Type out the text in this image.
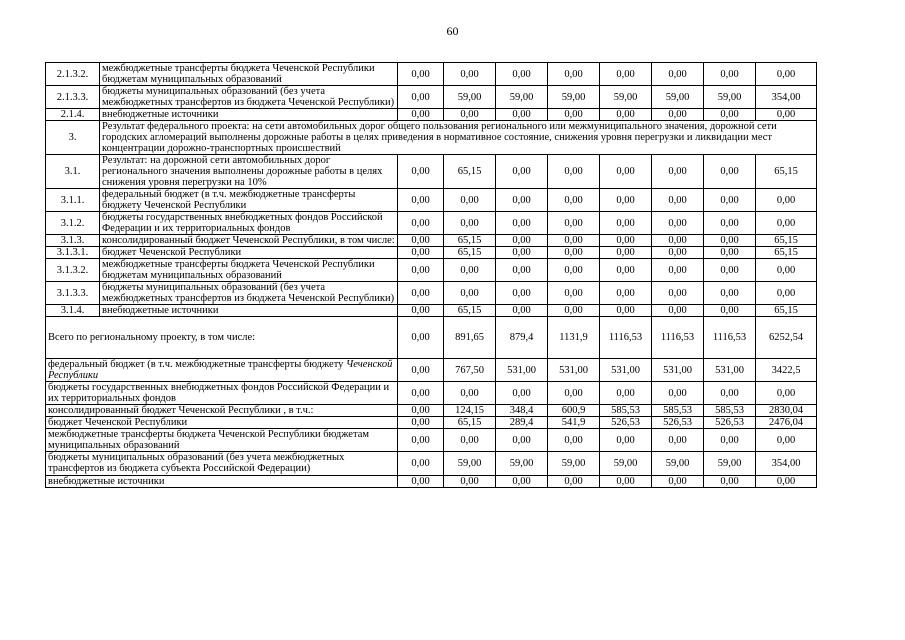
60
2.1.3.2.	межбюджетные трансферты бюджета Чеченской Республики бюджетам муниципальных образований	0,00	0,00	0,00	0,00	0,00	0,00	0,00	0,00
2.1.3.3.	бюджеты муниципальных образований (без учета межбюджетных трансфертов из бюджета Чеченской Республики)	0,00	59,00	59,00	59,00	59,00	59,00	59,00	354,00
2.1.4.	внебюджетные источники	0,00	0,00	0,00	0,00	0,00	0,00	0,00	0,00
3.	Результат федерального проекта: на сети автомобильных дорог общего пользования регионального или межмуниципального значения, дорожной сети городских агломераций выполнены дорожные работы в целях приведения в нормативное состояние, снижения уровня перегрузки и ликвидации мест концентрации дорожно-транспортных происшествий								
3.1.	Результат: на дорожной сети автомобильных дорог регионального значения выполнены дорожные работы в целях снижения уровня перегрузки на 10%	0,00	65,15	0,00	0,00	0,00	0,00	0,00	65,15
3.1.1.	федеральный бюджет (в т.ч. межбюджетные трансферты бюджету Чеченской Республики	0,00	0,00	0,00	0,00	0,00	0,00	0,00	0,00
3.1.2.	бюджеты государственных внебюджетных фондов Российской Федерации и их территориальных фондов	0,00	0,00	0,00	0,00	0,00	0,00	0,00	0,00
3.1.3.	консолидированный бюджет Чеченской Республики, в том числе:	0,00	65,15	0,00	0,00	0,00	0,00	0,00	65,15
3.1.3.1.	бюджет Чеченской Республики	0,00	65,15	0,00	0,00	0,00	0,00	0,00	65,15
3.1.3.2.	межбюджетные трансферты бюджета Чеченской Республики бюджетам муниципальных образований	0,00	0,00	0,00	0,00	0,00	0,00	0,00	0,00
3.1.3.3.	бюджеты муниципальных образований (без учета межбюджетных трансфертов из бюджета Чеченской Республики)	0,00	0,00	0,00	0,00	0,00	0,00	0,00	0,00
3.1.4.	внебюджетные источники	0,00	65,15	0,00	0,00	0,00	0,00	0,00	65,15
Всего по региональному проекту, в том числе:		0,00	891,65	879,4	1131,9	1116,53	1116,53	1116,53	6252,54
федеральный бюджет (в т.ч. межбюджетные трансферты бюджету Чеченской Республики		0,00	767,50	531,00	531,00	531,00	531,00	531,00	3422,5
бюджеты государственных внебюджетных фондов Российской Федерации и их территориальных фондов		0,00	0,00	0,00	0,00	0,00	0,00	0,00	0,00
консолидированный бюджет Чеченской Республики , в т.ч.:		0,00	124,15	348,4	600,9	585,53	585,53	585,53	2830,04
бюджет Чеченской Республики		0,00	65,15	289,4	541,9	526,53	526,53	526,53	2476,04
межбюджетные трансферты бюджета Чеченской Республики бюджетам муниципальных образований		0,00	0,00	0,00	0,00	0,00	0,00	0,00	0,00
бюджеты муниципальных образований (без учета межбюджетных трансфертов из бюджета субъекта Российской Федерации)		0,00	59,00	59,00	59,00	59,00	59,00	59,00	354,00
внебюджетные источники		0,00	0,00	0,00	0,00	0,00	0,00	0,00	0,00
